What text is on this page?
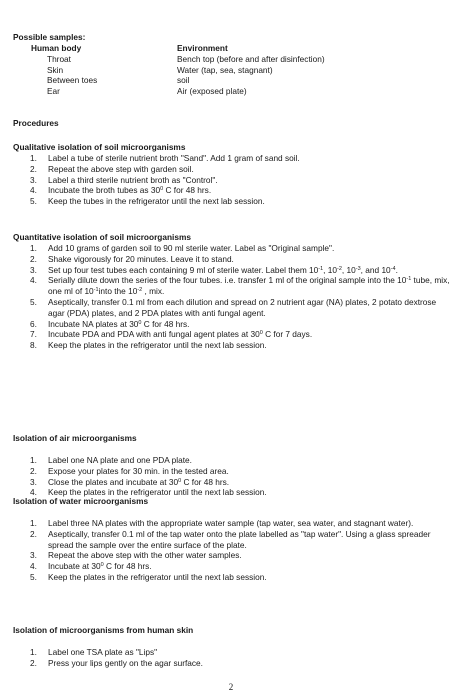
Possible samples:
Human body
Throat
Skin
Between toes
Ear
Environment
Bench top (before and after disinfection)
Water (tap, sea, stagnant)
soil
Air (exposed plate)
Procedures
Qualitative isolation of soil microorganisms
1. Label a tube of sterile nutrient broth "Sand". Add 1 gram of sand soil.
2. Repeat the above step with garden soil.
3. Label a third sterile nutrient broth as "Control".
4. Incubate the broth tubes as $30^0$ C for 48 hrs.
5. Keep the tubes in the refrigerator until the next lab session.
Quantitative isolation of soil microorganisms
1. Add 10 grams of garden soil to 90 ml sterile water. Label as "Original sample".
2. Shake vigorously for 20 minutes. Leave it to stand.
3. Set up four test tubes each containing 9 ml of sterile water. Label them $10^{-1}$, $10^{-2}$, $10^{-3}$, and $10^{-4}$.
4. Serially dilute down the series of the four tubes. i.e. transfer 1 ml of the original sample into the $10^{-1}$ tube, mix, one ml of $10^{-1}into$ the $10^{-2}$ , mix.
5. Aseptically, transfer 0.1 ml from each dilution and spread on 2 nutrient agar (NA) plates, 2 potato dextrose agar (PDA) plates, and 2 PDA plates with anti fungal agent.
6. Incubate NA plates at $30^0$ C for 48 hrs.
7. Incubate PDA and PDA with anti fungal agent plates at $30^0$ C for 7 days.
8. Keep the plates in the refrigerator until the next lab session.
Isolation of air microorganisms
1. Label one NA plate and one PDA plate.
2. Expose your plates for 30 min. in the tested area.
3. Close the plates and incubate at $30^0$ C for 48 hrs.
4. Keep the plates in the refrigerator until the next lab session.
Isolation of water microorganisms
1. Label three NA plates with the appropriate water sample (tap water, sea water, and stagnant water).
2. Aseptically, transfer 0.1 ml of the tap water onto the plate labelled as "tap water". Using a glass spreader spread the sample over the entire surface of the plate.
3. Repeat the above step with the other water samples.
4. Incubate at $30^0$ C for 48 hrs.
5. Keep the plates in the refrigerator until the next lab session.
Isolation of microorganisms from human skin
1. Label one TSA plate as "Lips"
2. Press your lips gently on the agar surface.
2
